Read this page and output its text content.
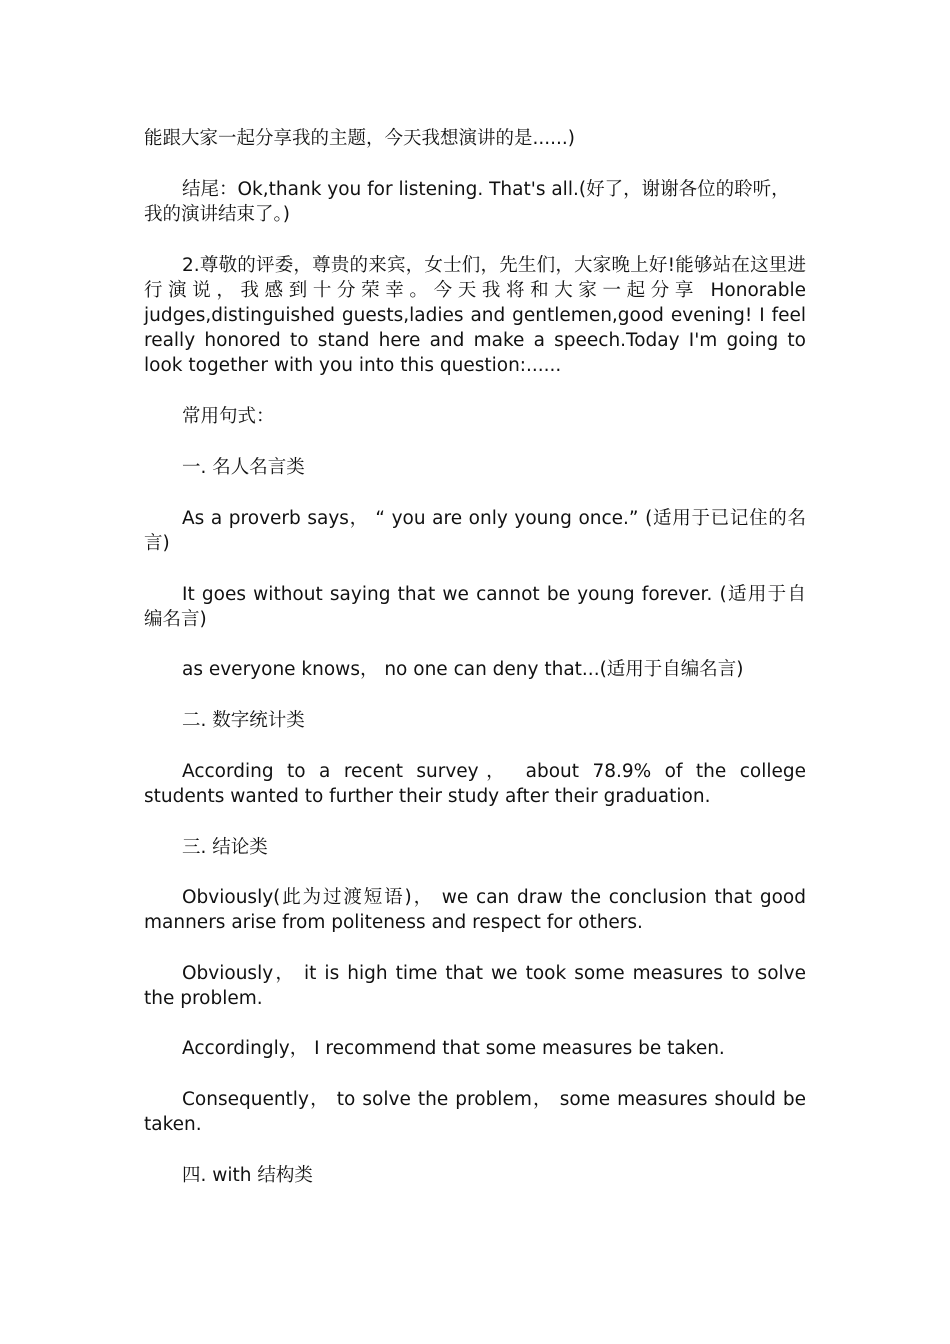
能跟大家一起分享我的主题，今天我想演讲的是......)

结尾：Ok,thank you for listening. That's all.(好了，谢谢各位的聆听，我的演讲结束了。)

2.尊敬的评委，尊贵的来宾，女士们，先生们，大家晚上好!能够站在这里进行演说，我感到十分荣幸。今天我将和大家一起分享 Honorable judges,distinguished guests,ladies and gentlemen,good evening! I feel really honored to stand here and make a speech.Today I'm going to look together with you into this question:......

常用句式：

一. 名人名言类

As a proverb says， “ you are only young once.” (适用于已记住的名言)

It goes without saying that we cannot be young forever. (适用于自编名言)

as everyone knows， no one can deny that...(适用于自编名言)

二. 数字统计类

According to a recent survey， about 78.9% of the college students wanted to further their study after their graduation.

三. 结论类

Obviously(此为过渡短语)， we can draw the conclusion that good manners arise from politeness and respect for others.

Obviously， it is high time that we took some measures to solve the problem.

Accordingly， I recommend that some measures be taken.

Consequently， to solve the problem， some measures should be taken.

四. with 结构类
